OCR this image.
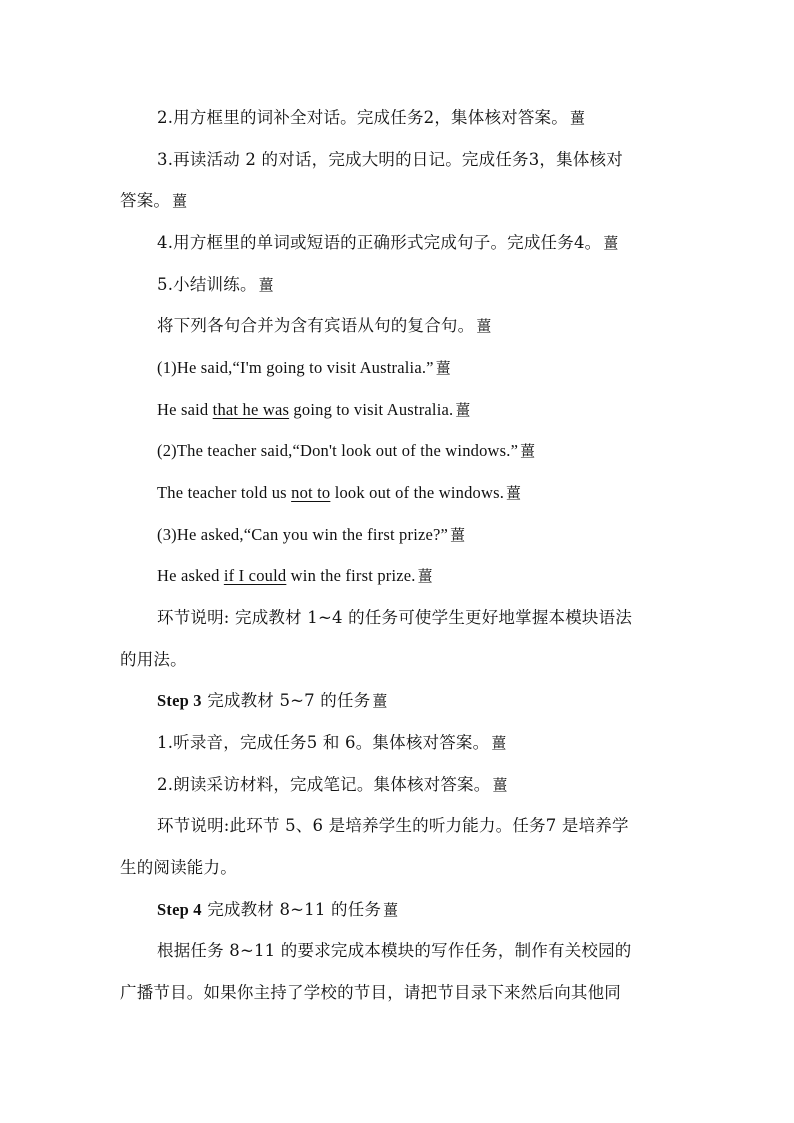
2.用方框里的词补全对话。完成任务2，集体核对答案。 薑
3.再读活动 2 的对话，完成大明的日记。完成任务3，集体核对
答案。 薑
4.用方框里的单词或短语的正确形式完成句子。完成任务4。 薑
5.小结训练。 薑
将下列各句合并为含有宾语从句的复合句。 薑
(1)He said,“I'm going to visit Australia.” 薑
He said that he was going to visit Australia. 薑
(2)The teacher said,“Don't look out of the windows.” 薑
The teacher told us not to look out of the windows. 薑
(3)He asked,“Can you win the first prize?” 薑
He asked if I could win the first prize. 薑
环节说明: 完成教材 1~4 的任务可使学生更好地掌握本模块语法
的用法。
Step 3 完成教材 5~7 的任务 薑
1.听录音，完成任务5 和 6。集体核对答案。 薑
2.朗读采访材料，完成笔记。集体核对答案。 薑
环节说明:此环节 5、6 是培养学生的听力能力。任务7 是培养学
生的阅读能力。
Step 4 完成教材 8~11 的任务 薑
根据任务 8~11 的要求完成本模块的写作任务，制作有关校园的
广播节目。如果你主持了学校的节目，请把节目录下来然后向其他同
